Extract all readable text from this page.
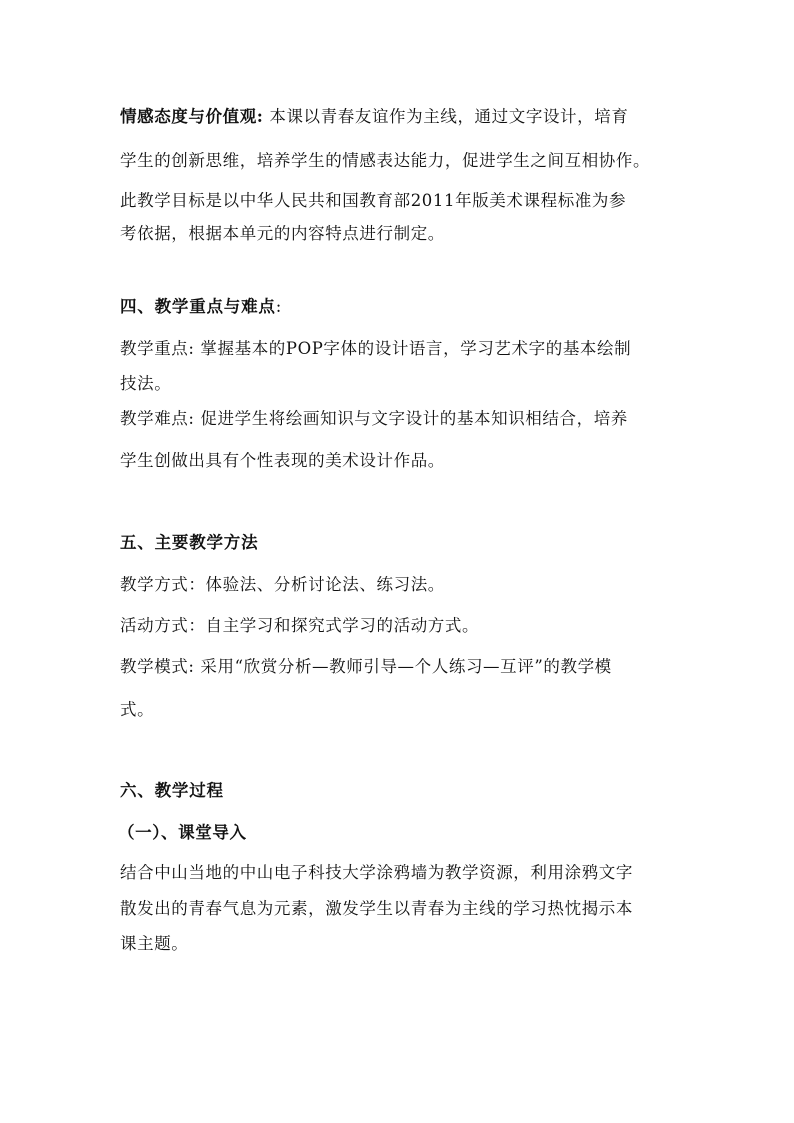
情感态度与价值观: 本课以青春友谊作为主线，通过文字设计，培育
学生的创新思维，培养学生的情感表达能力，促进学生之间互相协作。
此教学目标是以中华人民共和国教育部2011年版美术课程标准为参
考依据，根据本单元的内容特点进行制定。
四、教学重点与难点:
教学重点: 掌握基本的POP字体的设计语言，学习艺术字的基本绘制
技法。
教学难点: 促进学生将绘画知识与文字设计的基本知识相结合，培养
学生创做出具有个性表现的美术设计作品。
五、主要教学方法
教学方式：体验法、分析讨论法、练习法。
活动方式：自主学习和探究式学习的活动方式。
教学模式: 采用“欣赏分析—教师引导—个人练习—互评”的教学模
式。
六、教学过程
（一）、课堂导入
结合中山当地的中山电子科技大学涂鸦墙为教学资源，利用涂鸦文字
散发出的青春气息为元素，激发学生以青春为主线的学习热忱揭示本
课主题。
